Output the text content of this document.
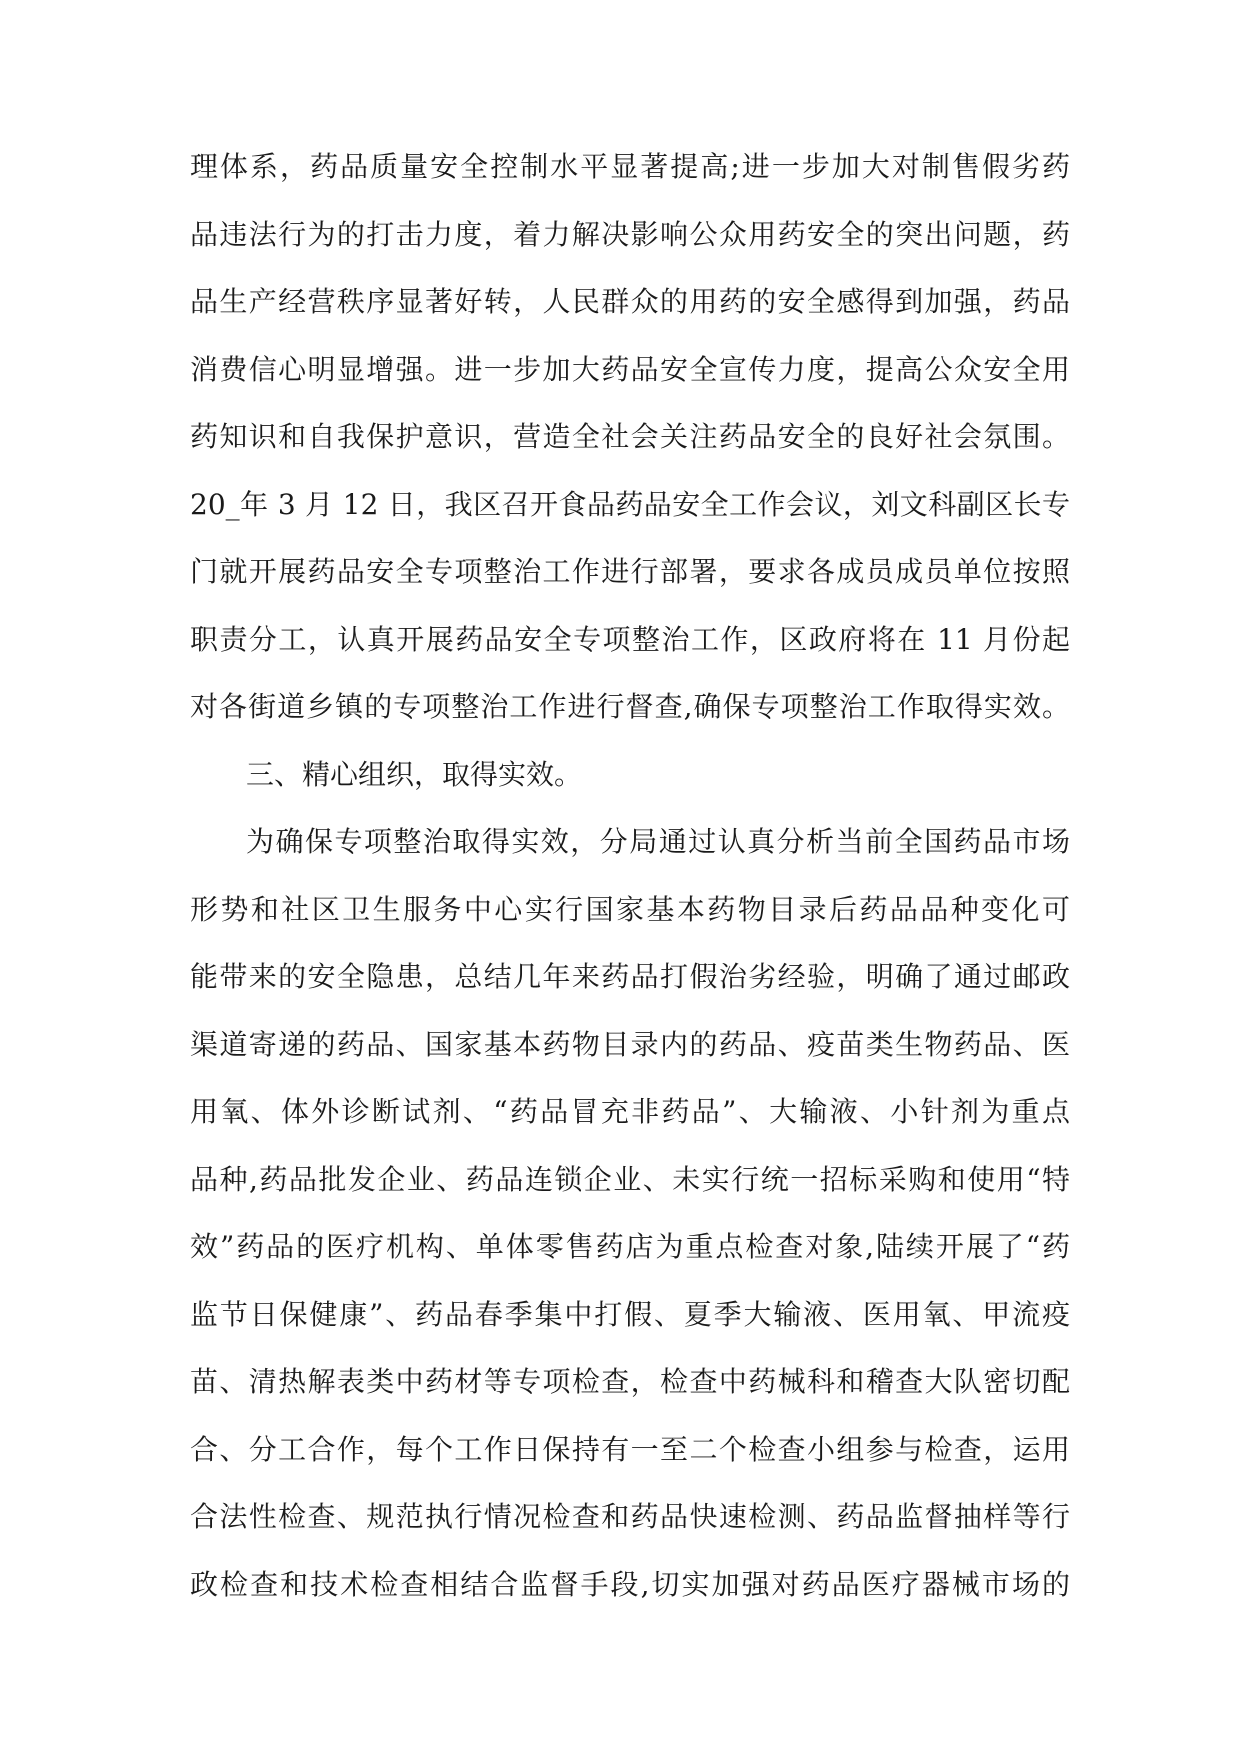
理体系，药品质量安全控制水平显著提高;进一步加大对制售假劣药
品违法行为的打击力度，着力解决影响公众用药安全的突出问题，药
品生产经营秩序显著好转，人民群众的用药的安全感得到加强，药品
消费信心明显增强。进一步加大药品安全宣传力度，提高公众安全用
药知识和自我保护意识，营造全社会关注药品安全的良好社会氛围。
20_年 3 月 12 日，我区召开食品药品安全工作会议，刘文科副区长专
门就开展药品安全专项整治工作进行部署，要求各成员成员单位按照
职责分工，认真开展药品安全专项整治工作，区政府将在 11 月份起
对各街道乡镇的专项整治工作进行督查,确保专项整治工作取得实效。
三、精心组织，取得实效。
为确保专项整治取得实效，分局通过认真分析当前全国药品市场
形势和社区卫生服务中心实行国家基本药物目录后药品品种变化可
能带来的安全隐患，总结几年来药品打假治劣经验，明确了通过邮政
渠道寄递的药品、国家基本药物目录内的药品、疫苗类生物药品、医
用氧、体外诊断试剂、“药品冒充非药品”、大输液、小针剂为重点
品种,药品批发企业、药品连锁企业、未实行统一招标采购和使用“特
效”药品的医疗机构、单体零售药店为重点检查对象,陆续开展了“药
监节日保健康”、药品春季集中打假、夏季大输液、医用氧、甲流疫
苗、清热解表类中药材等专项检查，检查中药械科和稽查大队密切配
合、分工合作，每个工作日保持有一至二个检查小组参与检查，运用
合法性检查、规范执行情况检查和药品快速检测、药品监督抽样等行
政检查和技术检查相结合监督手段,切实加强对药品医疗器械市场的
